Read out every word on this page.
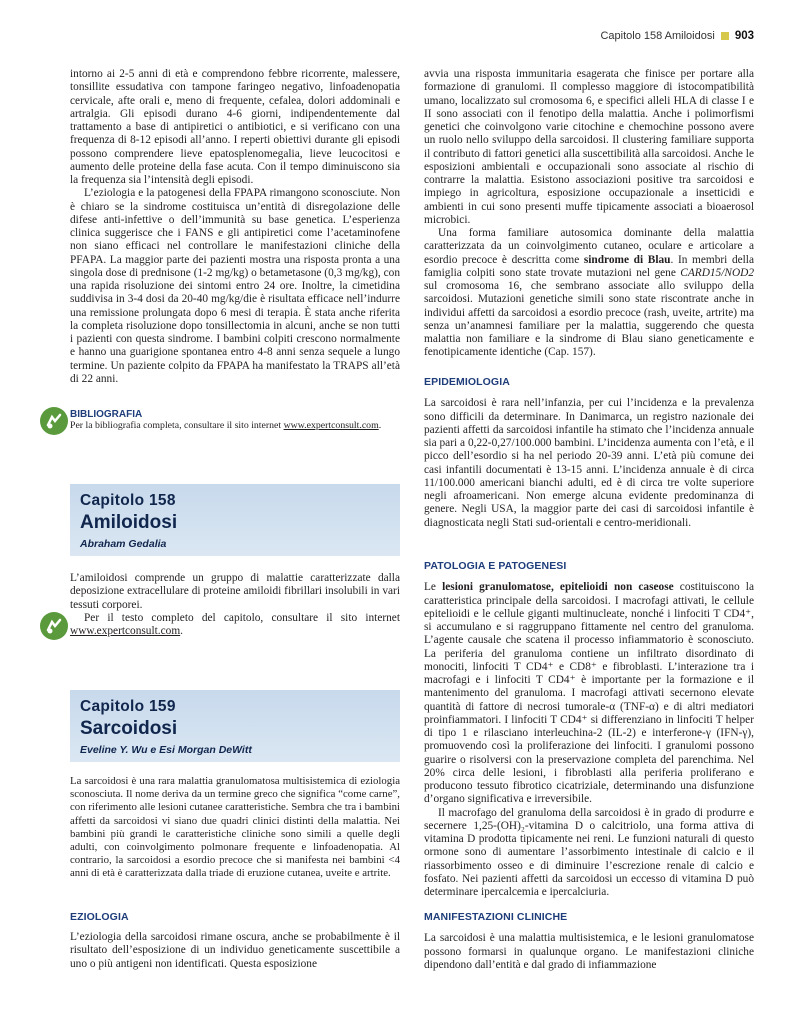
Capitolo 158 Amiloidosi 903

intorno ai 2-5 anni di età e comprendono febbre ricorrente, malessere, tonsillite essudativa con tampone faringeo negativo, linfoadenopatia cervicale, afte orali e, meno di frequente, cefalea, dolori addominali e artralgia. Gli episodi durano 4-6 giorni, indipendentemente dal trattamento a base di antipiretici o antibiotici, e si verificano con una frequenza di 8-12 episodi all’anno. I reperti obiettivi durante gli episodi possono comprendere lieve epatosplenomegalia, lieve leucocitosi e aumento delle proteine della fase acuta. Con il tempo diminuiscono sia la frequenza sia l’intensità degli episodi.

L’eziologia e la patogenesi della FPAPA rimangono sconosciute. Non è chiaro se la sindrome costituisca un’entità di disregolazione delle difese anti-infettive o dell’immunità su base genetica. L’esperienza clinica suggerisce che i FANS e gli antipiretici come l’acetaminofene non siano efficaci nel controllare le manifestazioni cliniche della PFAPA. La maggior parte dei pazienti mostra una risposta pronta a una singola dose di prednisone (1-2 mg/kg) o betametasone (0,3 mg/kg), con una rapida risoluzione dei sintomi entro 24 ore. Inoltre, la cimetidina suddivisa in 3-4 dosi da 20-40 mg/kg/die è risultata efficace nell’indurre una remissione prolungata dopo 6 mesi di terapia. È stata anche riferita la completa risoluzione dopo tonsillectomia in alcuni, anche se non tutti i pazienti con questa sindrome. I bambini colpiti crescono normalmente e hanno una guarigione spontanea entro 4-8 anni senza sequele a lungo termine. Un paziente colpito da FPAPA ha manifestato la TRAPS all’età di 22 anni.

BIBLIOGRAFIA
Per la bibliografia completa, consultare il sito internet www.expertconsult.com.
Capitolo 158
Amiloidosi
Abraham Gedalia

L’amiloidosi comprende un gruppo di malattie caratterizzate dalla deposizione extracellulare di proteine amiloidi fibrillari insolubili in vari tessuti corporei.

Per il testo completo del capitolo, consultare il sito internet www.expertconsult.com.

Capitolo 159
Sarcoidosi
Eveline Y. Wu e Esi Morgan DeWitt

La sarcoidosi è una rara malattia granulomatosa multisistemica di eziologia sconosciuta. Il nome deriva da un termine greco che significa “come carne”, con riferimento alle lesioni cutanee caratteristiche. Sembra che tra i bambini affetti da sarcoidosi vi siano due quadri clinici distinti della malattia. Nei bambini più grandi le caratteristiche cliniche sono simili a quelle degli adulti, con coinvolgimento polmonare frequente e linfoadenopatia. Al contrario, la sarcoidosi a esordio precoce che si manifesta nei bambini <4 anni di età è caratterizzata dalla triade di eruzione cutanea, uveite e artrite.

EZIOLOGIA

L’eziologia della sarcoidosi rimane oscura, anche se probabilmente è il risultato dell’esposizione di un individuo geneticamente suscettibile a uno o più antigeni non identificati. Questa esposizione

avvia una risposta immunitaria esagerata che finisce per portare alla formazione di granulomi. Il complesso maggiore di istocompatibilità umano, localizzato sul cromosoma 6, e specifici alleli HLA di classe I e II sono associati con il fenotipo della malattia. Anche i polimorfismi genetici che coinvolgono varie citochine e chemochine possono avere un ruolo nello sviluppo della sarcoidosi. Il clustering familiare supporta il contributo di fattori genetici alla suscettibilità alla sarcoidosi. Anche le esposizioni ambientali e occupazionali sono associate al rischio di contrarre la malattia. Esistono associazioni positive tra sarcoidosi e impiego in agricoltura, esposizione occupazionale a insetticidi e ambienti in cui sono presenti muffe tipicamente associati a bioaerosol microbici.

Una forma familiare autosomica dominante della malattia caratterizzata da un coinvolgimento cutaneo, oculare e articolare a esordio precoce è descritta come sindrome di Blau. In membri della famiglia colpiti sono state trovate mutazioni nel gene CARD15/NOD2 sul cromosoma 16, che sembrano associate allo sviluppo della sarcoidosi. Mutazioni genetiche simili sono state riscontrate anche in individui affetti da sarcoidosi a esordio precoce (rash, uveite, artrite) ma senza un’anamnesi familiare per la malattia, suggerendo che questa malattia non familiare e la sindrome di Blau siano geneticamente e fenotipicamente identiche (Cap. 157).

EPIDEMIOLOGIA

La sarcoidosi è rara nell’infanzia, per cui l’incidenza e la prevalenza sono difficili da determinare. In Danimarca, un registro nazionale dei pazienti affetti da sarcoidosi infantile ha stimato che l’incidenza annuale sia pari a 0,22-0,27/100.000 bambini. L’incidenza aumenta con l’età, e il picco dell’esordio si ha nel periodo 20-39 anni. L’età più comune dei casi infantili documentati è 13-15 anni. L’incidenza annuale è di circa 11/100.000 americani bianchi adulti, ed è di circa tre volte superiore negli afroamericani. Non emerge alcuna evidente predominanza di genere. Negli USA, la maggior parte dei casi di sarcoidosi infantile è diagnosticata negli Stati sud-orientali e centro-meridionali.

PATOLOGIA E PATOGENESI

Le lesioni granulomatose, epitelioidi non caseose costituiscono la caratteristica principale della sarcoidosi. I macrofagi attivati, le cellule epitelioidi e le cellule giganti multinucleate, nonché i linfociti T CD4⁺, si accumulano e si raggruppano fittamente nel centro del granuloma. L’agente causale che scatena il processo infiammatorio è sconosciuto. La periferia del granuloma contiene un infiltrato disordinato di monociti, linfociti T CD4⁺ e CD8⁺ e fibroblasti. L’interazione tra i macrofagi e i linfociti T CD4⁺ è importante per la formazione e il mantenimento del granuloma. I macrofagi attivati secernono elevate quantità di fattore di necrosi tumorale-α (TNF-α) e di altri mediatori proinfiammatori. I linfociti T CD4⁺ si differenziano in linfociti T helper di tipo 1 e rilasciano interleuchina-2 (IL-2) e interferone-γ (IFN-γ), promuovendo così la proliferazione dei linfociti. I granulomi possono guarire o risolversi con la preservazione completa del parenchima. Nel 20% circa delle lesioni, i fibroblasti alla periferia proliferano e producono tessuto fibrotico cicatriziale, determinando una disfunzione d’organo significativa e irreversibile.

Il macrofago del granuloma della sarcoidosi è in grado di produrre e secernere 1,25-(OH)₂-vitamina D o calcitriolo, una forma attiva di vitamina D prodotta tipicamente nei reni. Le funzioni naturali di questo ormone sono di aumentare l’assorbimento intestinale di calcio e il riassorbimento osseo e di diminuire l’escrezione renale di calcio e fosfato. Nei pazienti affetti da sarcoidosi un eccesso di vitamina D può determinare ipercalcemia e ipercalciuria.

MANIFESTAZIONI CLINICHE

La sarcoidosi è una malattia multisistemica, e le lesioni granulomatose possono formarsi in qualunque organo. Le manifestazioni cliniche dipendono dall’entità e dal grado di infiammazione
